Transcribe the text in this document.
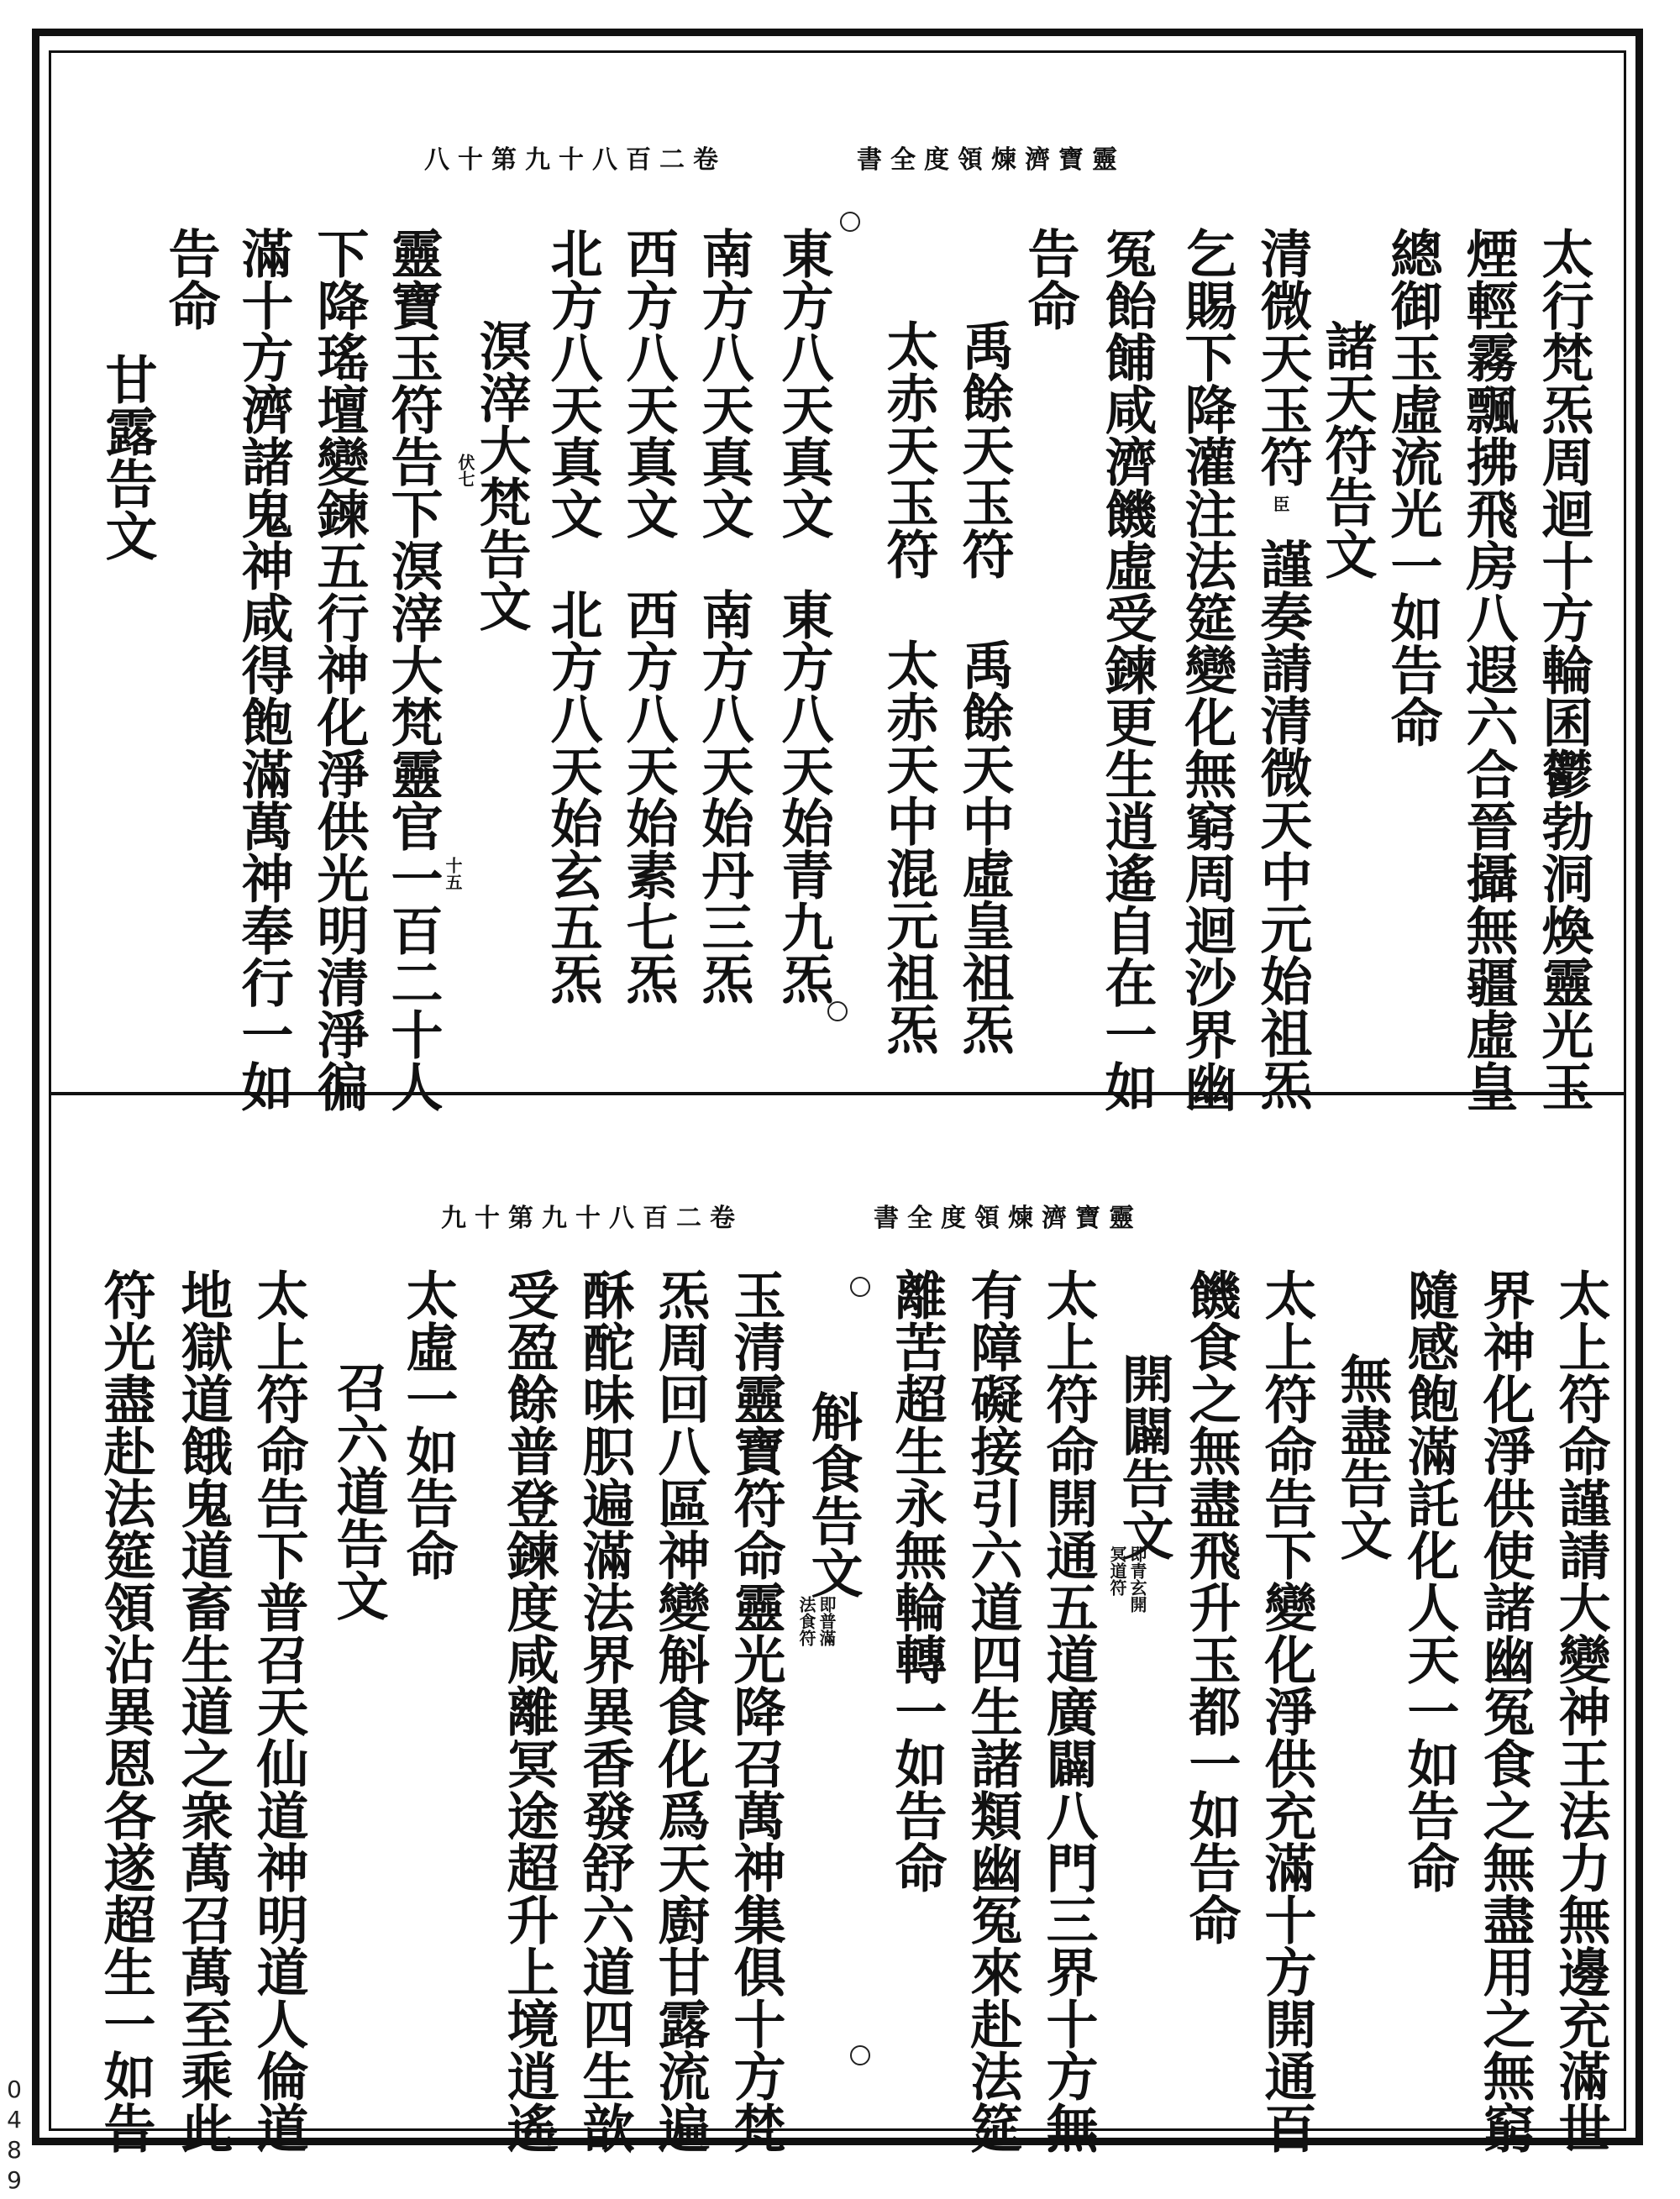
八十第九十八百二卷	書全度領煉濟寶靈
太行梵炁周迴十方輪囷鬱勃洞煥靈光玉
煙輕霧飄拂飛房八遐六合晉攝無疆虛皇
總御玉虛流光一如告命
諸天符告文
清微天玉符
臣
謹奏請清微天中元始祖炁
乞賜下降灌注法筵變化無窮周迴沙界幽
冤飴餔咸濟饑虛受鍊更生逍遙自在一如
告命
禹餘天玉符
禹餘天中虛皇祖炁
太赤天玉符
太赤天中混元祖炁
東方八天真文
東方八天始青九炁
南方八天真文
南方八天始丹三炁
西方八天真文
西方八天始素七炁
北方八天真文
北方八天始玄五炁
伏七
溟滓大梵告文
十五
靈寶玉符告下溟滓大梵靈官一百二十人
下降瑤壇變鍊五行神化淨供光明清淨徧
滿十方濟諸鬼神咸得飽滿萬神奉行一如
告命
甘露告文
九十第九十八百二卷	書全度領煉濟寶靈
太上符命謹請大變神王法力無邊充滿世
界神化淨供使諸幽冤食之無盡用之無窮
隨感飽滿託化人天一如告命
無盡告文
太上符命告下變化淨供充滿十方開通百
饑食之無盡飛升玉都一如告命
開闢告文
即青玄開
冥道符
太上符命開通五道廣闢八門三界十方無
有障礙接引六道四生諸類幽冤來赴法筵
離苦超生永無輪轉一如告命
斛食告文
即普滿
法食符
玉清靈寶符命靈光降召萬神集俱十方梵
炁周回八區神變斛食化爲天廚甘露流遍
酥酡味胑遍滿法界異香發舒六道四生歆
受盈餘普登鍊度咸離冥途超升上境逍遙
太虛一如告命
召六道告文
太上符命告下普召天仙道神明道人倫道
地獄道餓鬼道畜生道之衆萬召萬至乘此
符光盡赴法筵領沾異恩各遂超生一如告
0
4
8
9
